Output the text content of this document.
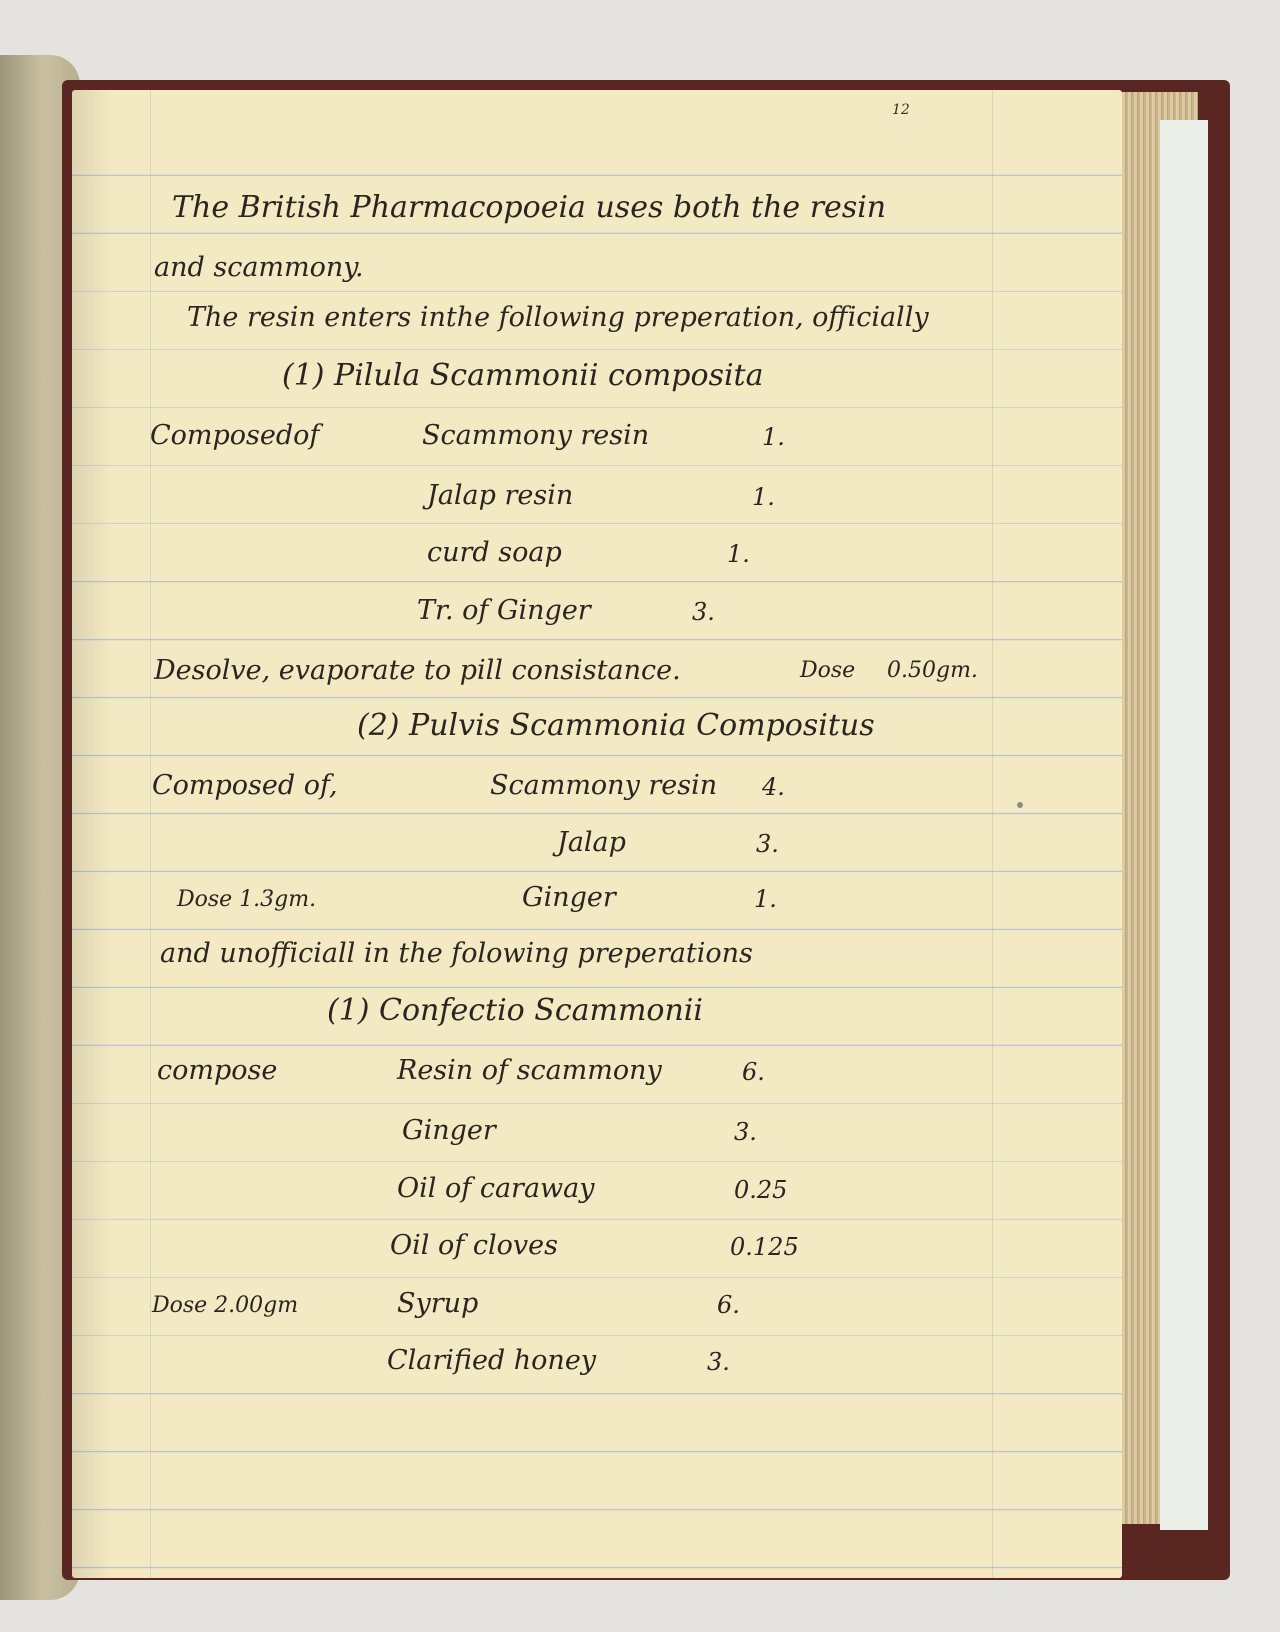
12
The British Pharmacopoeia uses both the resin
and scammony.
The resin enters inthe following preperation, officially
(1) Pilula Scammonii composita
Composedof	Scammony resin	1.
Jalap resin	1.
curd soap	1.
Tr. of Ginger	3.
Desolve, evaporate to pill consistance.	Dose 0.50gm.
(2) Pulvis Scammonia Compositus
Composed of,	Scammony resin 4.
Jalap	3.
Ginger	1.
Dose 1.3gm.
and unofficiall in the folowing preperations
(1) Confectio Scammonii
compose	Resin of scammony	6.
Ginger	3.
Oil of caraway	0.25
Oil of cloves	0.125
Syrup	6.
Clarified honey	3.
Dose 2.00gm
